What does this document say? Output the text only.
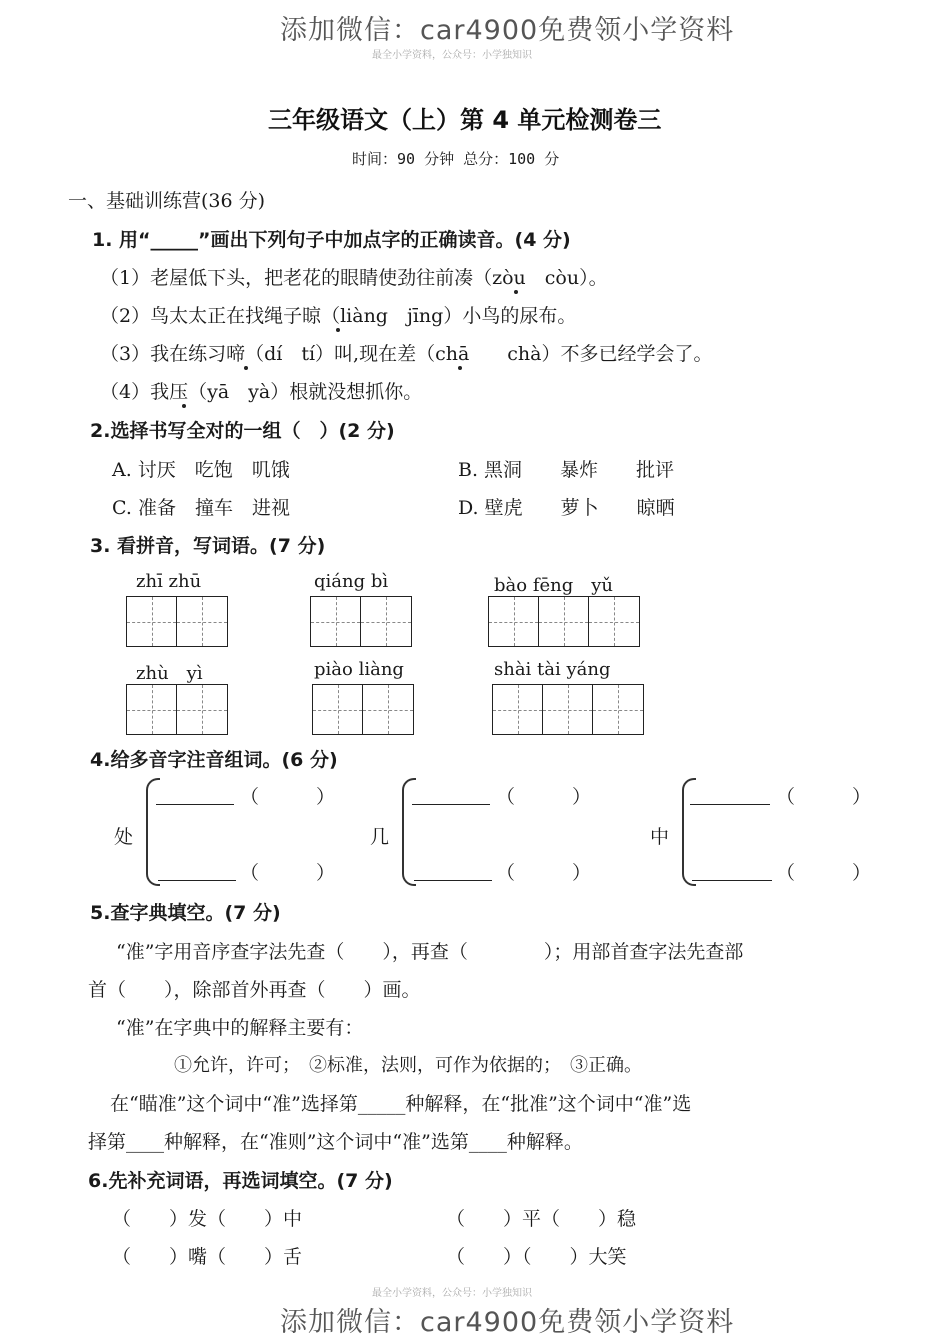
添加微信：car4900免费领小学资料
最全小学资料，公众号：小学独知识
三年级语文（上）第 4 单元检测卷三
时间：90 分钟 总分：100 分
一、基础训练营(36 分)
1. 用“_____”画出下列句子中加点字的正确读音。(4 分)
（1）老屋低下头，把老花的眼睛使劲往前凑（zòu　còu）。
（2）鸟太太正在找绳子晾（liàng　jīng）小鸟的尿布。
（3）我在练习啼（dí　tí）叫,现在差（chā　　chà）不多已经学会了。
（4）我压（yā　yà）根就没想抓你。
2.选择书写全对的一组（　）(2 分)
A. 讨厌　吃饱　叽饿	B. 黑洞　　暴炸　　批评
C. 准备　撞车　进视	D. 壁虎　　萝卜　　晾晒
3. 看拼音，写词语。(7 分)
zhī zhū	qiáng bì	bào fēng　yǔ
zhù　yì	piào liàng	shài tài yáng
4.给多音字注音组词。(6 分)
处
（　　　）
（　　　）
几
（　　　）
（　　　）
中
（　　　）
（　　　）
5.查字典填空。(7 分)
“准”字用音序查字法先查（　　），再查（　　　　）；用部首查字法先查部
首（　　），除部首外再查（　　）画。
“准”在字典中的解释主要有：
①允许，许可；　②标准，法则，可作为依据的；　③正确。
在“瞄准”这个词中“准”选择第_____种解释，在“批准”这个词中“准”选
择第____种解释，在“准则”这个词中“准”选第____种解释。
6.先补充词语，再选词填空。(7 分)
（　　）发（　　）中	（　　）平（　　）稳
（　　）嘴（　　）舌	（　　）（　　）大笑
最全小学资料，公众号：小学独知识
添加微信：car4900免费领小学资料
